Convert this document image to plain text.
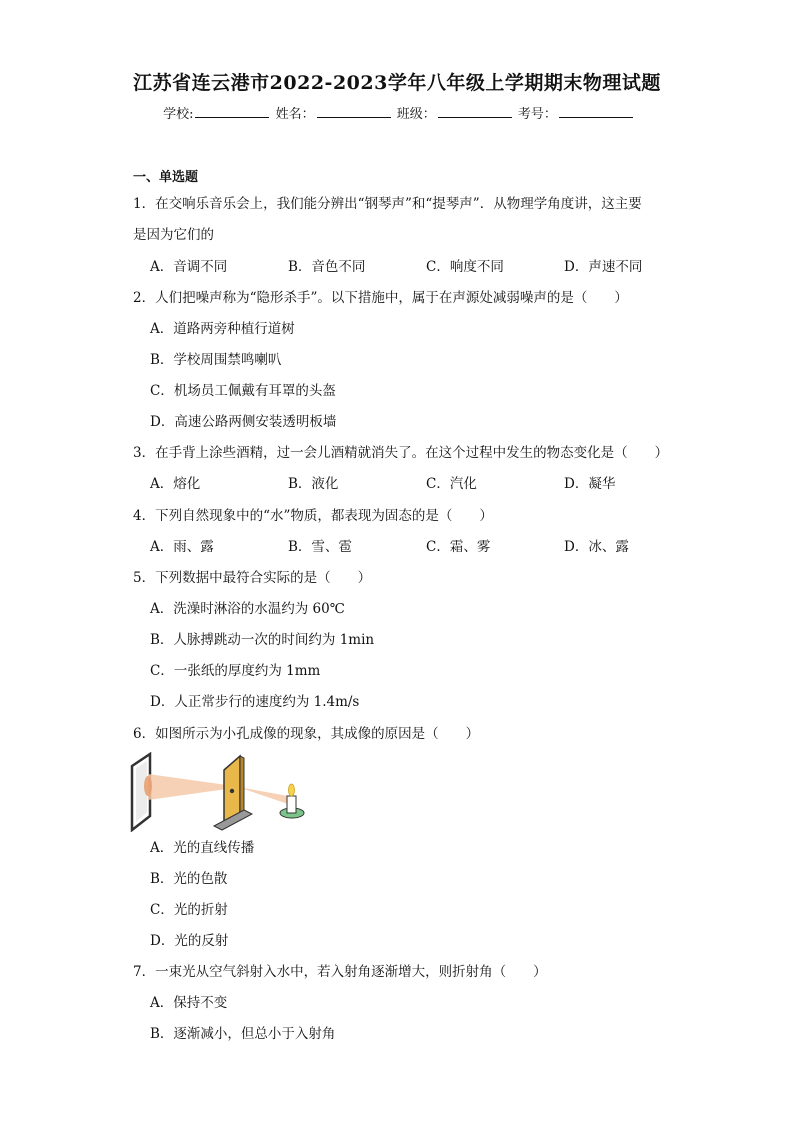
江苏省连云港市2022-2023学年八年级上学期期末物理试题
学校:	姓名：	班级：	考号：
一、单选题
1．在交响乐音乐会上，我们能分辨出“钢琴声”和“提琴声”．从物理学角度讲，这主要
是因为它们的
A．音调不同	B．音色不同	C．响度不同	D．声速不同
2．人们把噪声称为“隐形杀手”。以下措施中，属于在声源处减弱噪声的是（　　）
A．道路两旁种植行道树
B．学校周围禁鸣喇叭
C．机场员工佩戴有耳罩的头盔
D．高速公路两侧安装透明板墙
3．在手背上涂些酒精，过一会儿酒精就消失了。在这个过程中发生的物态变化是（　　）
A．熔化	B．液化	C．汽化	D．凝华
4．下列自然现象中的“水”物质，都表现为固态的是（　　）
A．雨、露	B．雪、雹	C．霜、雾	D．冰、露
5．下列数据中最符合实际的是（　　）
A．洗澡时淋浴的水温约为 60℃
B．人脉搏跳动一次的时间约为 1min
C．一张纸的厚度约为 1mm
D．人正常步行的速度约为 1.4m/s
6．如图所示为小孔成像的现象，其成像的原因是（　　）
A．光的直线传播
B．光的色散
C．光的折射
D．光的反射
7．一束光从空气斜射入水中，若入射角逐渐增大，则折射角（　　）
A．保持不变
B．逐渐减小，但总小于入射角
